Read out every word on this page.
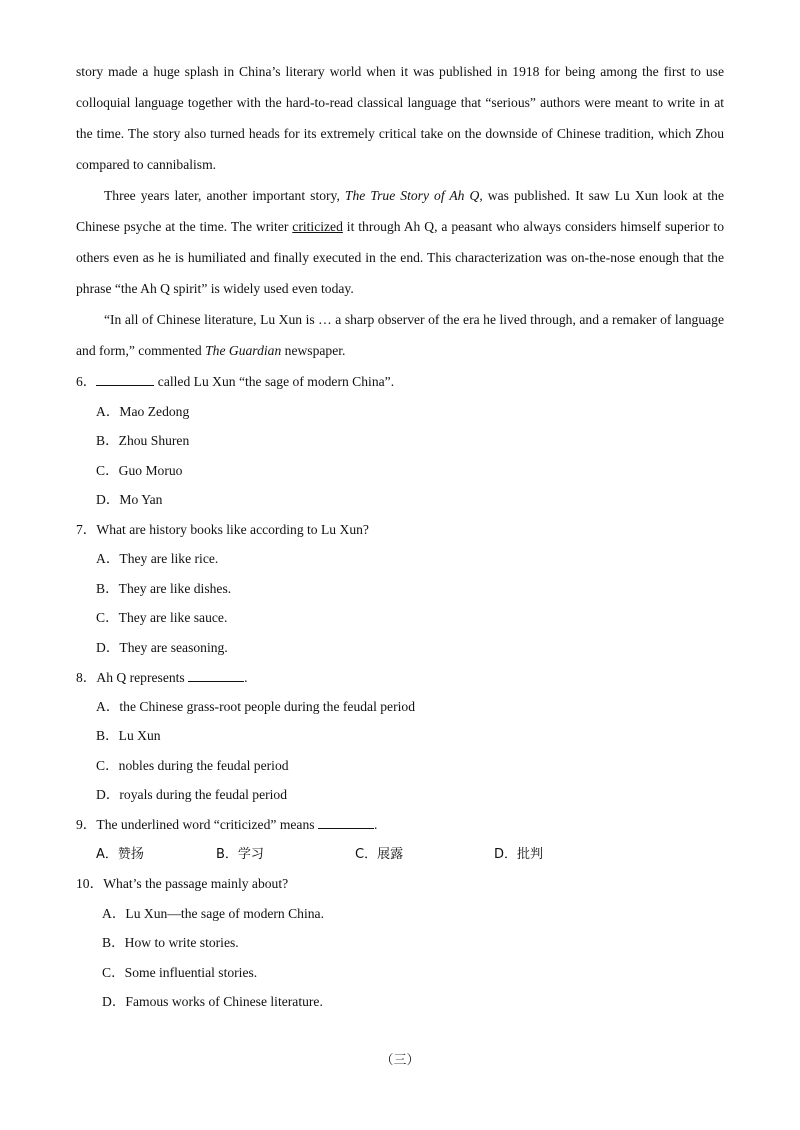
story made a huge splash in China’s literary world when it was published in 1918 for being among the first to use colloquial language together with the hard-to-read classical language that “serious” authors were meant to write in at the time. The story also turned heads for its extremely critical take on the downside of Chinese tradition, which Zhou compared to cannibalism.

Three years later, another important story, The True Story of Ah Q, was published. It saw Lu Xun look at the Chinese psyche at the time. The writer criticized it through Ah Q, a peasant who always considers himself superior to others even as he is humiliated and finally executed in the end. This characterization was on-the-nose enough that the phrase “the Ah Q spirit” is widely used even today.

“In all of Chinese literature, Lu Xun is … a sharp observer of the era he lived through, and a remaker of language and form,” commented The Guardian newspaper.

6．	called Lu Xun “the sage of modern China”.
A．Mao Zedong
B．Zhou Shuren
C．Guo Moruo
D．Mo Yan
7．What are history books like according to Lu Xun?
A．They are like rice.
B．They are like dishes.
C．They are like sauce.
D．They are seasoning.
8．Ah Q represents	.
A．the Chinese grass-root people during the feudal period
B．Lu Xun
C．nobles during the feudal period
D．royals during the feudal period
9．The underlined word “criticized” means	.
A．赞扬	B．学习	C．展露	D．批判
10．What’s the passage mainly about?
A．Lu Xun—the sage of modern China.
B．How to write stories.
C．Some influential stories.
D．Famous works of Chinese literature.
（三）
